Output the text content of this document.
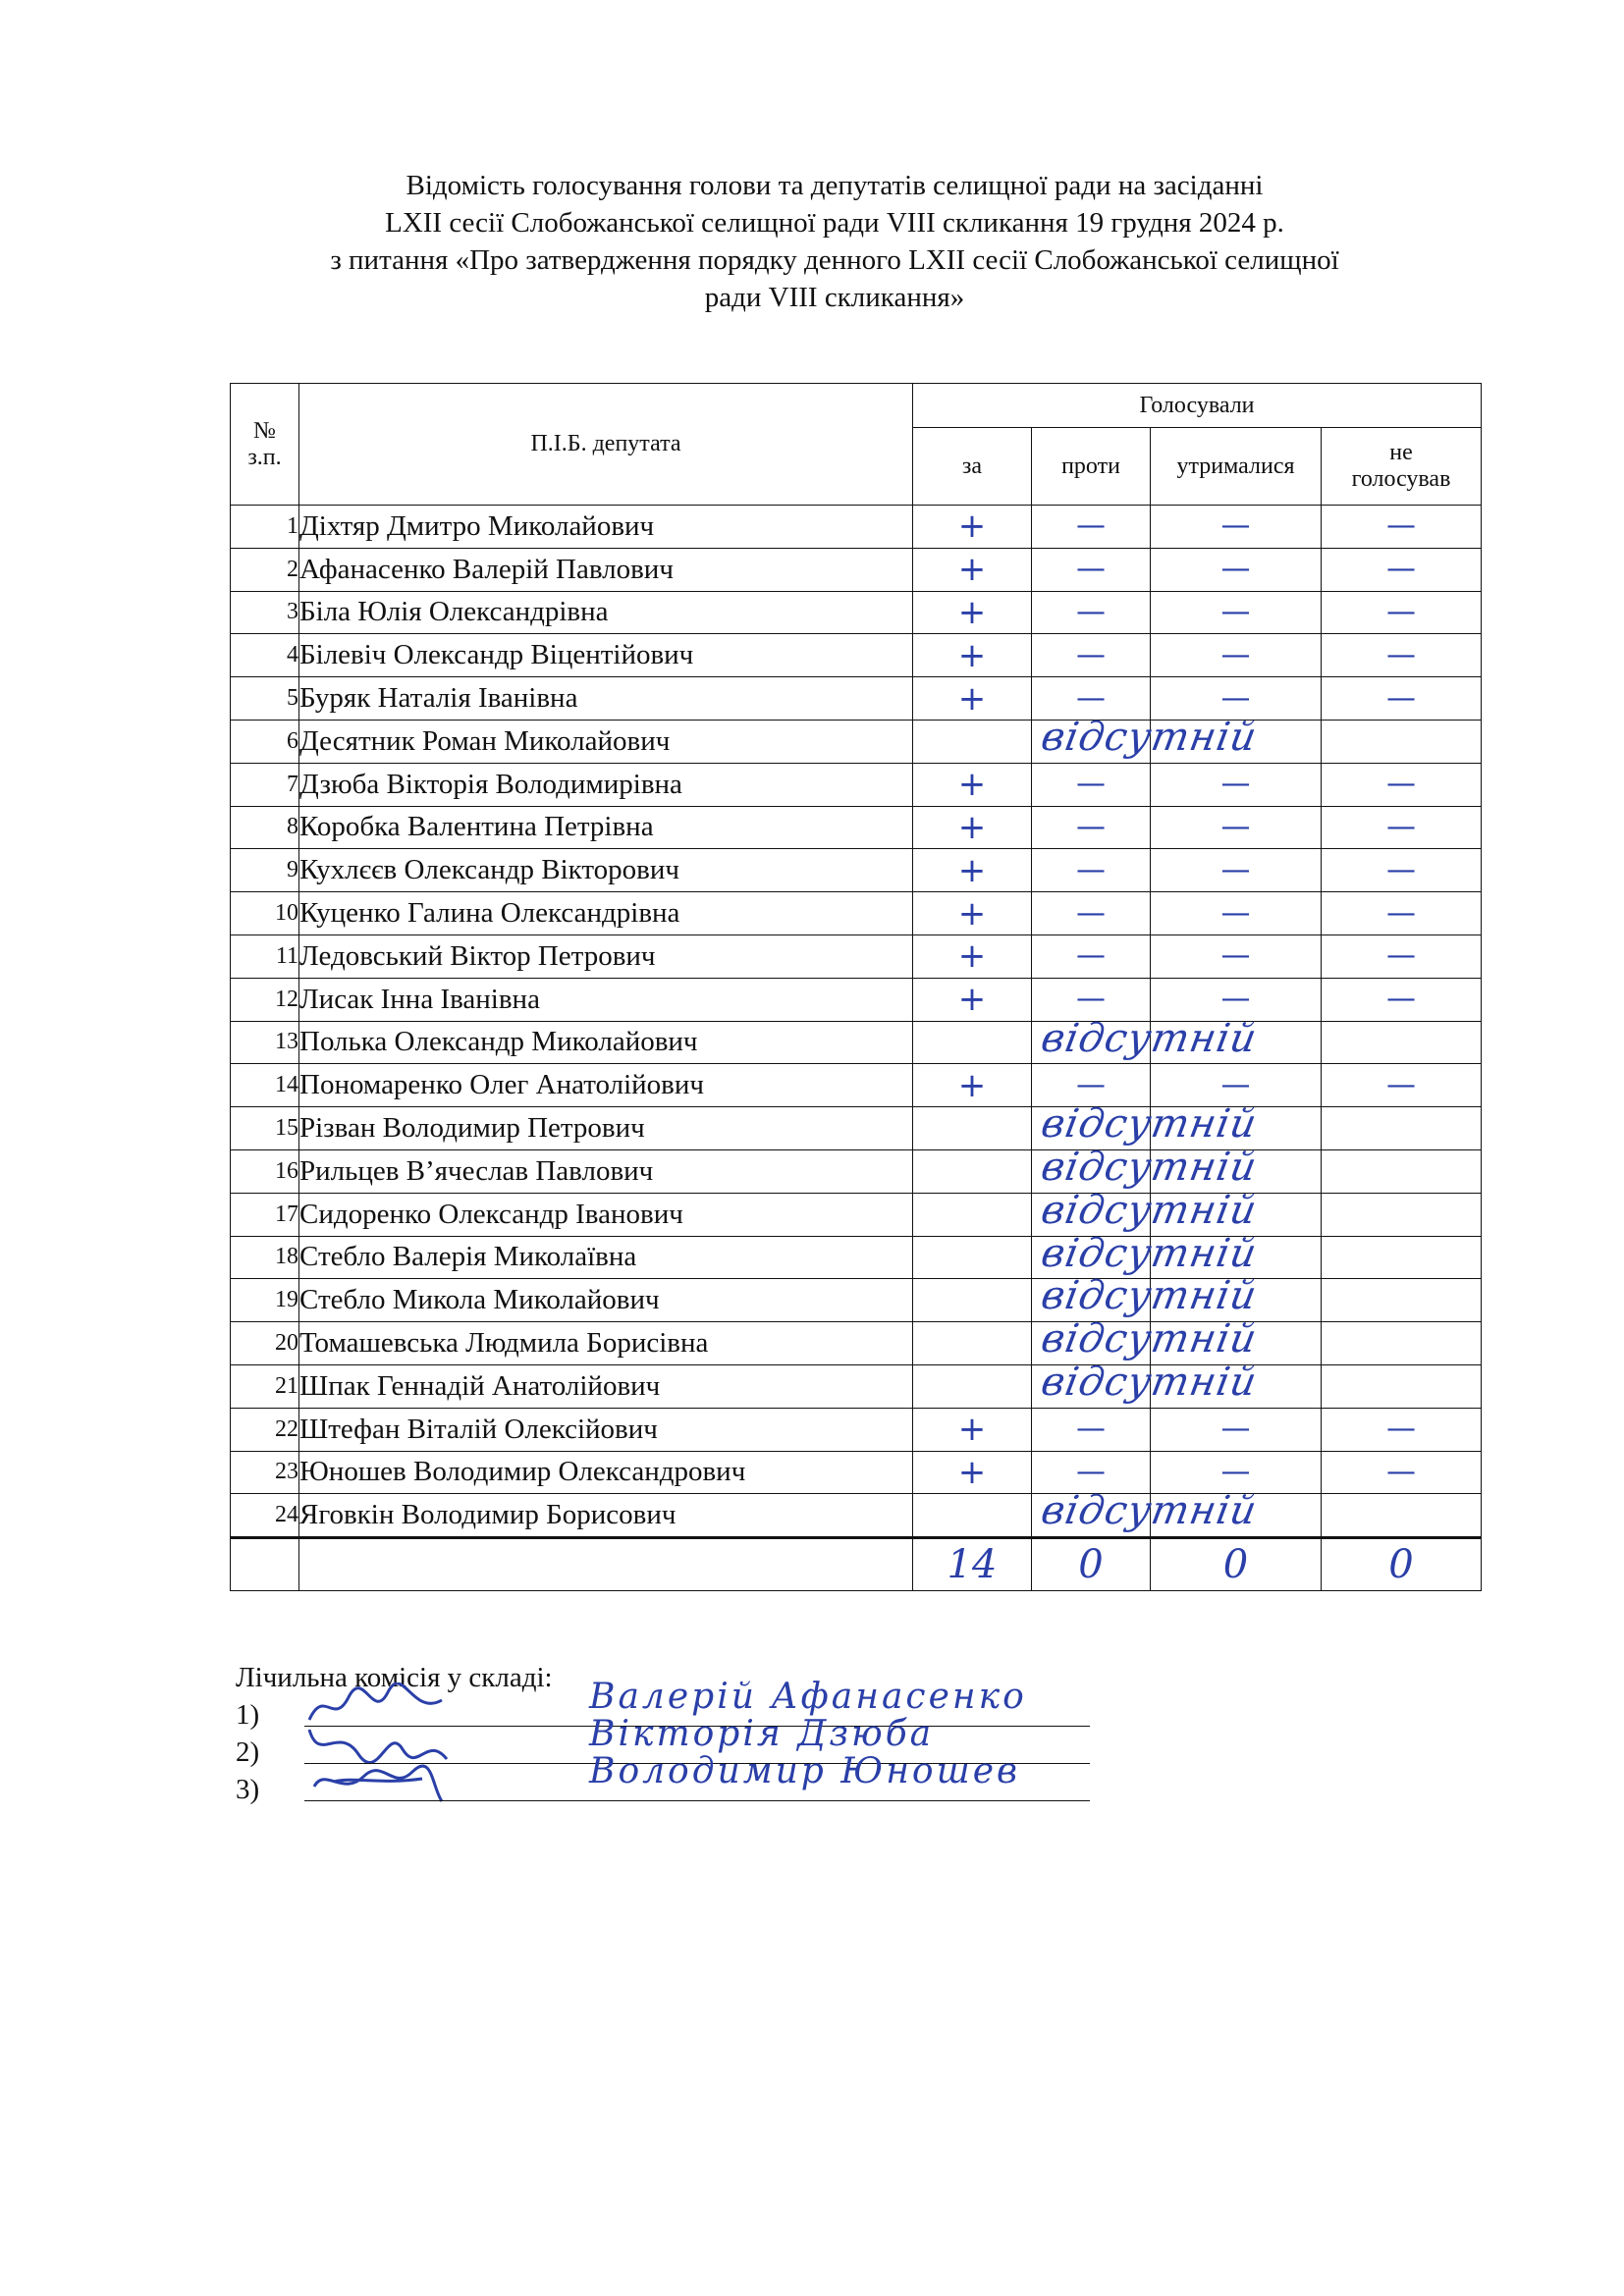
Відомість голосування голови та депутатів селищної ради на засіданні
LXII сесії Слобожанської селищної ради VIII скликання 19 грудня 2024 р.
з питання «Про затвердження порядку денного LXII сесії Слобожанської селищної
ради VIII скликання»
№
з.п.	П.І.Б. депутата	Голосували			
		за	проти	утрималися	не
голосував

1	Діхтяр Дмитро Миколайович	+	—	—	—
2	Афанасенко Валерій Павлович	+	—	—	—
3	Біла Юлія Олександрівна	+	—	—	—
4	Білевіч Олександр Віцентійович	+	—	—	—
5	Буряк Наталія Іванівна	+	—	—	—
6	Десятник Роман Миколайович		відсутній		

7	Дзюба Вікторія Володимирівна	+	—	—	—
8	Коробка Валентина Петрівна	+	—	—	—
9	Кухлєєв Олександр Вікторович	+	—	—	—
10	Куценко Галина Олександрівна	+	—	—	—
11	Ледовський Віктор Петрович	+	—	—	—
12	Лисак Інна Іванівна	+	—	—	—
13	Полька Олександр Миколайович		відсутній		

14	Пономаренко Олег Анатолійович	+	—	—	—
15	Різван Володимир Петрович		відсутній		

16	Рильцев В’ячеслав Павлович		відсутній		

17	Сидоренко Олександр Іванович		відсутній		

18	Стебло Валерія Миколаївна		відсутній		

19	Стебло Микола Миколайович		відсутній		

20	Томашевська Людмила Борисівна		відсутній		

21	Шпак Геннадій Анатолійович		відсутній		

22	Штефан Віталій Олексійович	+	—	—	—
23	Юношев Володимир Олександрович	+	—	—	—
24	Яговкін Володимир Борисович		відсутній		

		14	0	0	0
Лічильна комісія у складі:
1)	Валерій Афанасенко
2)	Вікторія Дзюба
3)	Володимир Юношев
